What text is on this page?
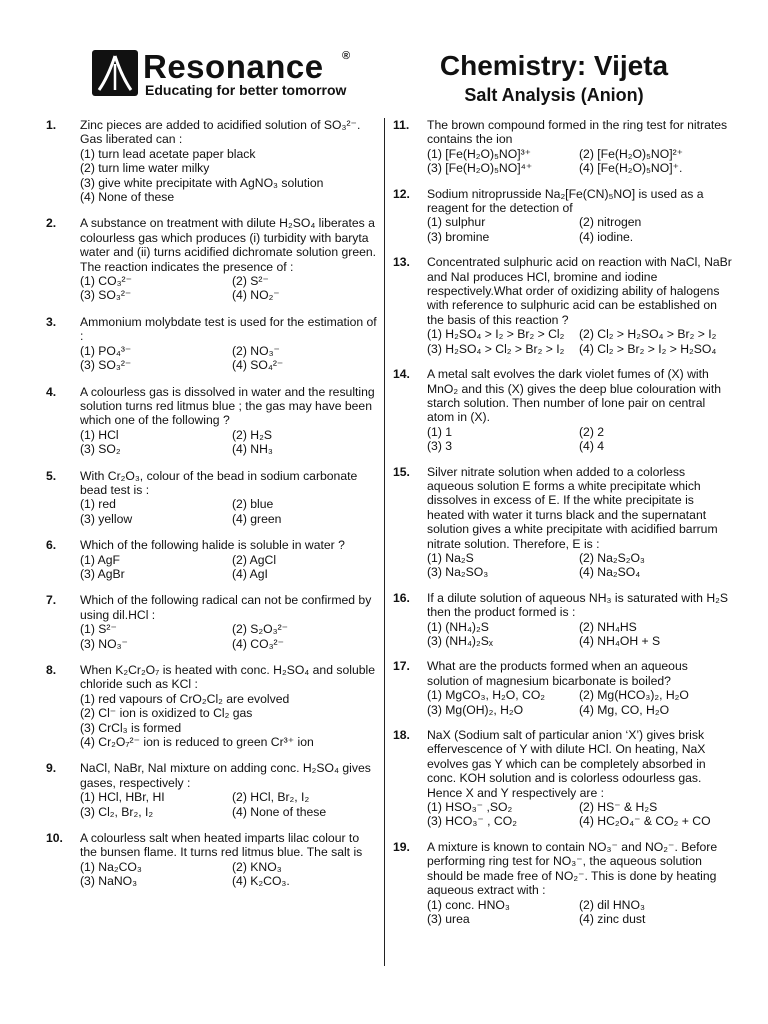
Resonance ®
Educating for better tomorrow
Chemistry: Vijeta
Salt Analysis (Anion)
1. Zinc pieces are added to acidified solution of SO₃²⁻. Gas liberated can :
(1) turn lead acetate paper black
(2) turn lime water milky
(3) give white precipitate with AgNO₃ solution
(4) None of these
2. A substance on treatment with dilute H₂SO₄ liberates a colourless gas which produces (i) turbidity with baryta water and (ii) turns acidified dichromate solution green. The reaction indicates the presence of :
(1) CO₃²⁻	(2) S²⁻
(3) SO₃²⁻	(4) NO₂⁻
3. Ammonium molybdate test is used for the estimation of :
(1) PO₄³⁻	(2) NO₃⁻
(3) SO₃²⁻	(4) SO₄²⁻
4. A colourless gas is dissolved in water and the resulting solution turns red litmus blue ; the gas may have been which one of the following ?
(1) HCl	(2) H₂S
(3) SO₂	(4) NH₃
5. With Cr₂O₃, colour of the bead in sodium carbonate bead test is :
(1) red	(2) blue
(3) yellow	(4) green
6. Which of the following halide is soluble in water ?
(1) AgF	(2) AgCl
(3) AgBr	(4) AgI
7. Which of the following radical can not be confirmed by using dil.HCl :
(1) S²⁻	(2) S₂O₃²⁻
(3) NO₃⁻	(4) CO₃²⁻
8. When K₂Cr₂O₇ is heated with conc. H₂SO₄ and soluble chloride such as KCl :
(1) red vapours of CrO₂Cl₂ are evolved
(2) Cl⁻ ion is oxidized to Cl₂ gas
(3) CrCl₃ is formed
(4) Cr₂O₇²⁻ ion is reduced to green Cr³⁺ ion
9. NaCl, NaBr, NaI mixture on adding conc. H₂SO₄ gives gases, respectively :
(1) HCl, HBr, HI	(2) HCl, Br₂, I₂
(3) Cl₂, Br₂, I₂	(4) None of these
10. A colourless salt when heated imparts lilac colour to the bunsen flame. It turns red litmus blue. The salt is
(1) Na₂CO₃	(2) KNO₃
(3) NaNO₃	(4) K₂CO₃.
11. The brown compound formed in the ring test for nitrates contains the ion
(1) [Fe(H₂O)₅NO]³⁺	(2) [Fe(H₂O)₅NO]²⁺
(3) [Fe(H₂O)₅NO]⁴⁺	(4) [Fe(H₂O)₅NO]⁺.
12. Sodium nitroprusside Na₂[Fe(CN)₅NO] is used as a reagent for the detection of
(1) sulphur	(2) nitrogen
(3) bromine	(4) iodine.
13. Concentrated sulphuric acid on reaction with NaCl, NaBr and NaI produces HCl, bromine and iodine respectively.What order of oxidizing ability of halogens with reference to sulphuric acid can be established on the basis of this reaction ?
(1) H₂SO₄ > I₂ > Br₂ > Cl₂	(2) Cl₂ > H₂SO₄ > Br₂ > I₂
(3) H₂SO₄ > Cl₂ > Br₂ > I₂	(4) Cl₂ > Br₂ > I₂ > H₂SO₄
14. A metal salt evolves the dark violet fumes of (X) with MnO₂ and this (X) gives the deep blue colouration with starch solution. Then number of lone pair on central atom in (X).
(1) 1	(2) 2
(3) 3	(4) 4
15. Silver nitrate solution when added to a colorless aqueous solution E forms a white precipitate which dissolves in excess of E. If the white precipitate is heated with water it turns black and the supernatant solution gives a white precipitate with acidified barrum nitrate solution. Therefore, E is :
(1) Na₂S	(2) Na₂S₂O₃
(3) Na₂SO₃	(4) Na₂SO₄
16. If a dilute solution of aqueous NH₃ is saturated with H₂S then the product formed is :
(1) (NH₄)₂S	(2) NH₄HS
(3) (NH₄)₂Sₓ	(4) NH₄OH + S
17. What are the products formed when an aqueous solution of magnesium bicarbonate is boiled?
(1) MgCO₃, H₂O, CO₂	(2) Mg(HCO₃)₂, H₂O
(3) Mg(OH)₂, H₂O	(4) Mg, CO, H₂O
18. NaX (Sodium salt of particular anion ‘X’) gives brisk effervescence of Y with dilute HCl. On heating, NaX evolves gas Y which can be completely absorbed in conc. KOH solution and is colorless odourless gas. Hence X and Y respectively are :
(1) HSO₃⁻ ,SO₂	(2) HS⁻ & H₂S
(3) HCO₃⁻ , CO₂	(4) HC₂O₄⁻ & CO₂ + CO
19. A mixture is known to contain NO₃⁻ and NO₂⁻. Before performing ring test for NO₃⁻, the aqueous solution should be made free of NO₂⁻. This is done by heating aqueous extract with :
(1) conc. HNO₃	(2) dil HNO₃
(3) urea	(4) zinc dust
